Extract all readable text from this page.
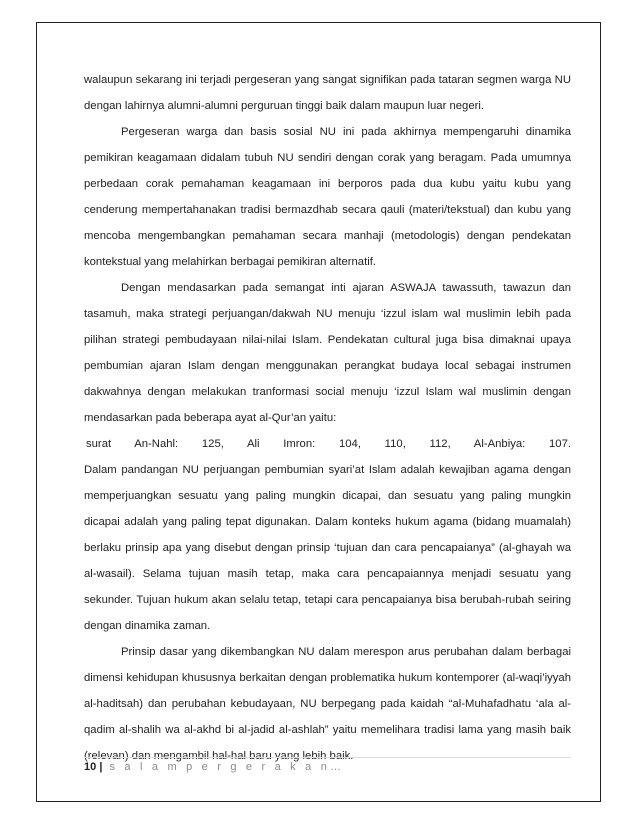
walaupun sekarang ini terjadi pergeseran yang sangat signifikan pada tataran segmen warga NU dengan lahirnya alumni-alumni perguruan tinggi baik dalam maupun luar negeri.

Pergeseran warga dan basis sosial NU ini pada akhirnya mempengaruhi dinamika pemikiran keagamaan didalam tubuh NU sendiri dengan corak yang beragam. Pada umumnya perbedaan corak pemahaman keagamaan ini berporos pada dua kubu yaitu kubu yang cenderung mempertahanakan tradisi bermazdhab secara qauli (materi/tekstual) dan kubu yang mencoba mengembangkan pemahaman secara manhaji (metodologis) dengan pendekatan kontekstual yang melahirkan berbagai pemikiran alternatif.

Dengan mendasarkan pada semangat inti ajaran ASWAJA tawassuth, tawazun dan tasamuh, maka strategi perjuangan/dakwah NU menuju ‘izzul islam wal muslimin lebih pada pilihan strategi pembudayaan nilai-nilai Islam. Pendekatan cultural juga bisa dimaknai upaya pembumian ajaran Islam dengan menggunakan perangkat budaya local sebagai instrumen dakwahnya dengan melakukan tranformasi social menuju ‘izzul Islam wal muslimin dengan mendasarkan pada beberapa ayat al-Qur’an yaitu:

surat An-Nahl: 125, Ali Imron: 104, 110, 112, Al-Anbiya: 107.

Dalam pandangan NU perjuangan pembumian syari’at Islam adalah kewajiban agama dengan memperjuangkan sesuatu yang paling mungkin dicapai, dan sesuatu yang paling mungkin dicapai adalah yang paling tepat digunakan. Dalam konteks hukum agama (bidang muamalah) berlaku prinsip apa yang disebut dengan prinsip ‘tujuan dan cara pencapaianya” (al-ghayah wa al-wasail). Selama tujuan masih tetap, maka cara pencapaiannya menjadi sesuatu yang sekunder. Tujuan hukum akan selalu tetap, tetapi cara pencapaianya bisa berubah-rubah seiring dengan dinamika zaman.

Prinsip dasar yang dikembangkan NU dalam merespon arus perubahan dalam berbagai dimensi kehidupan khususnya berkaitan dengan problematika hukum kontemporer (al-waqi’iyyah al-haditsah) dan perubahan kebudayaan, NU berpegang pada kaidah “al-Muhafadhatu ‘ala al-qadim al-shalih wa al-akhd bi al-jadid al-ashlah” yaitu memelihara tradisi lama yang masih baik (relevan) dan mengambil hal-hal baru yang lebih baik.

10 | s a l a m p e r g e r a k a n…
